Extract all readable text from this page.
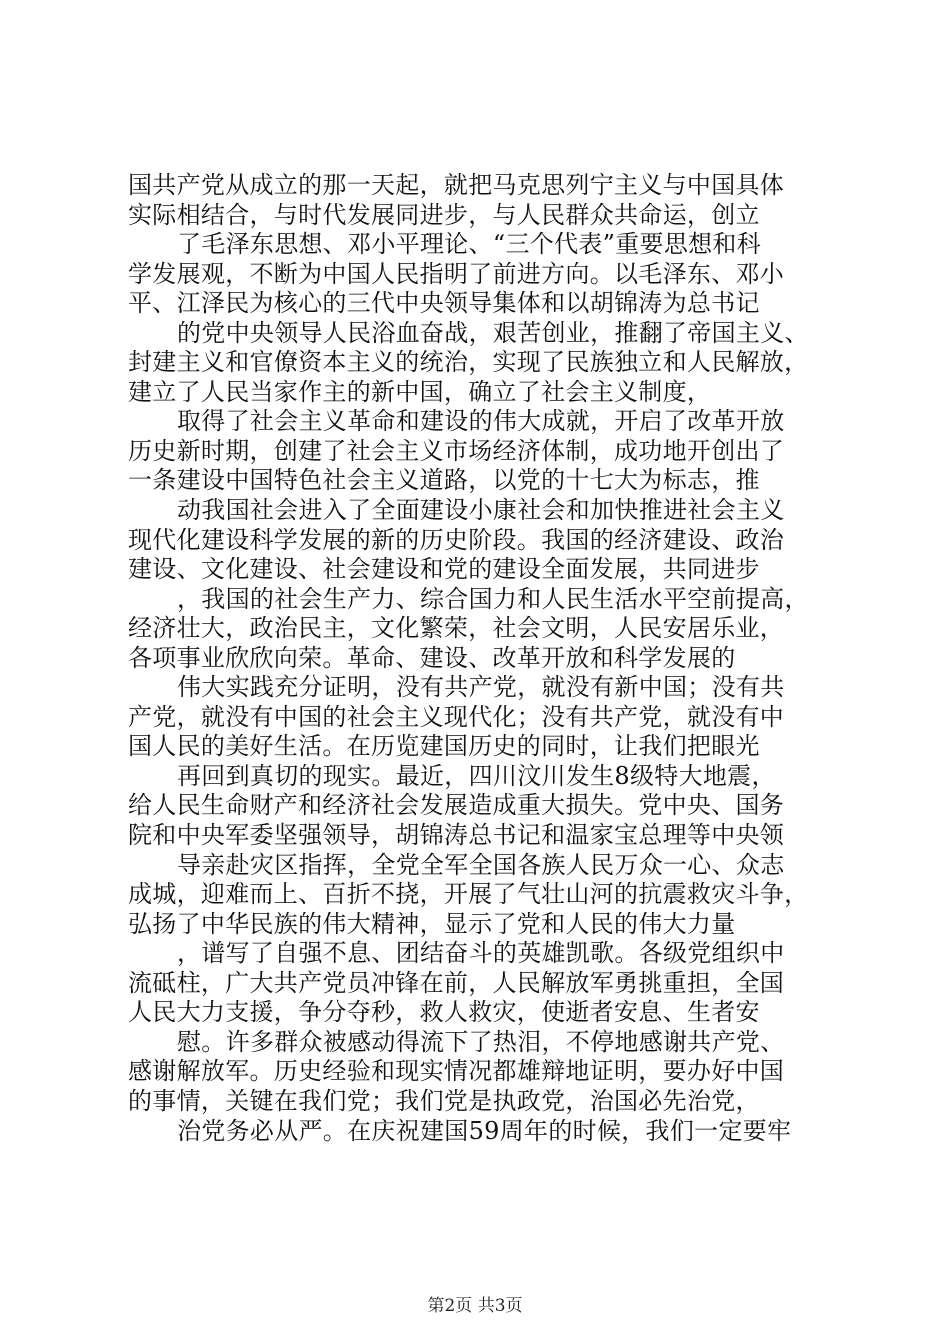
国共产党从成立的那一天起，就把马克思列宁主义与中国具体
实际相结合，与时代发展同进步，与人民群众共命运，创立
了毛泽东思想、邓小平理论、“三个代表”重要思想和科
学发展观，不断为中国人民指明了前进方向。以毛泽东、邓小
平、江泽民为核心的三代中央领导集体和以胡锦涛为总书记
的党中央领导人民浴血奋战，艰苦创业，推翻了帝国主义、
封建主义和官僚资本主义的统治，实现了民族独立和人民解放，
建立了人民当家作主的新中国，确立了社会主义制度，
取得了社会主义革命和建设的伟大成就，开启了改革开放
历史新时期，创建了社会主义市场经济体制，成功地开创出了
一条建设中国特色社会主义道路，以党的十七大为标志，推
动我国社会进入了全面建设小康社会和加快推进社会主义
现代化建设科学发展的新的历史阶段。我国的经济建设、政治
建设、文化建设、社会建设和党的建设全面发展，共同进步
，我国的社会生产力、综合国力和人民生活水平空前提高，
经济壮大，政治民主，文化繁荣，社会文明，人民安居乐业，
各项事业欣欣向荣。革命、建设、改革开放和科学发展的
伟大实践充分证明，没有共产党，就没有新中国；没有共
产党，就没有中国的社会主义现代化；没有共产党，就没有中
国人民的美好生活。在历览建国历史的同时，让我们把眼光
再回到真切的现实。最近，四川汶川发生8级特大地震，
给人民生命财产和经济社会发展造成重大损失。党中央、国务
院和中央军委坚强领导，胡锦涛总书记和温家宝总理等中央领
导亲赴灾区指挥，全党全军全国各族人民万众一心、众志
成城，迎难而上、百折不挠，开展了气壮山河的抗震救灾斗争，
弘扬了中华民族的伟大精神，显示了党和人民的伟大力量
，谱写了自强不息、团结奋斗的英雄凯歌。各级党组织中
流砥柱，广大共产党员冲锋在前，人民解放军勇挑重担，全国
人民大力支援，争分夺秒，救人救灾，使逝者安息、生者安
慰。许多群众被感动得流下了热泪，不停地感谢共产党、
感谢解放军。历史经验和现实情况都雄辩地证明，要办好中国
的事情，关键在我们党；我们党是执政党，治国必先治党，
治党务必从严。在庆祝建国59周年的时候，我们一定要牢
第2页 共3页
